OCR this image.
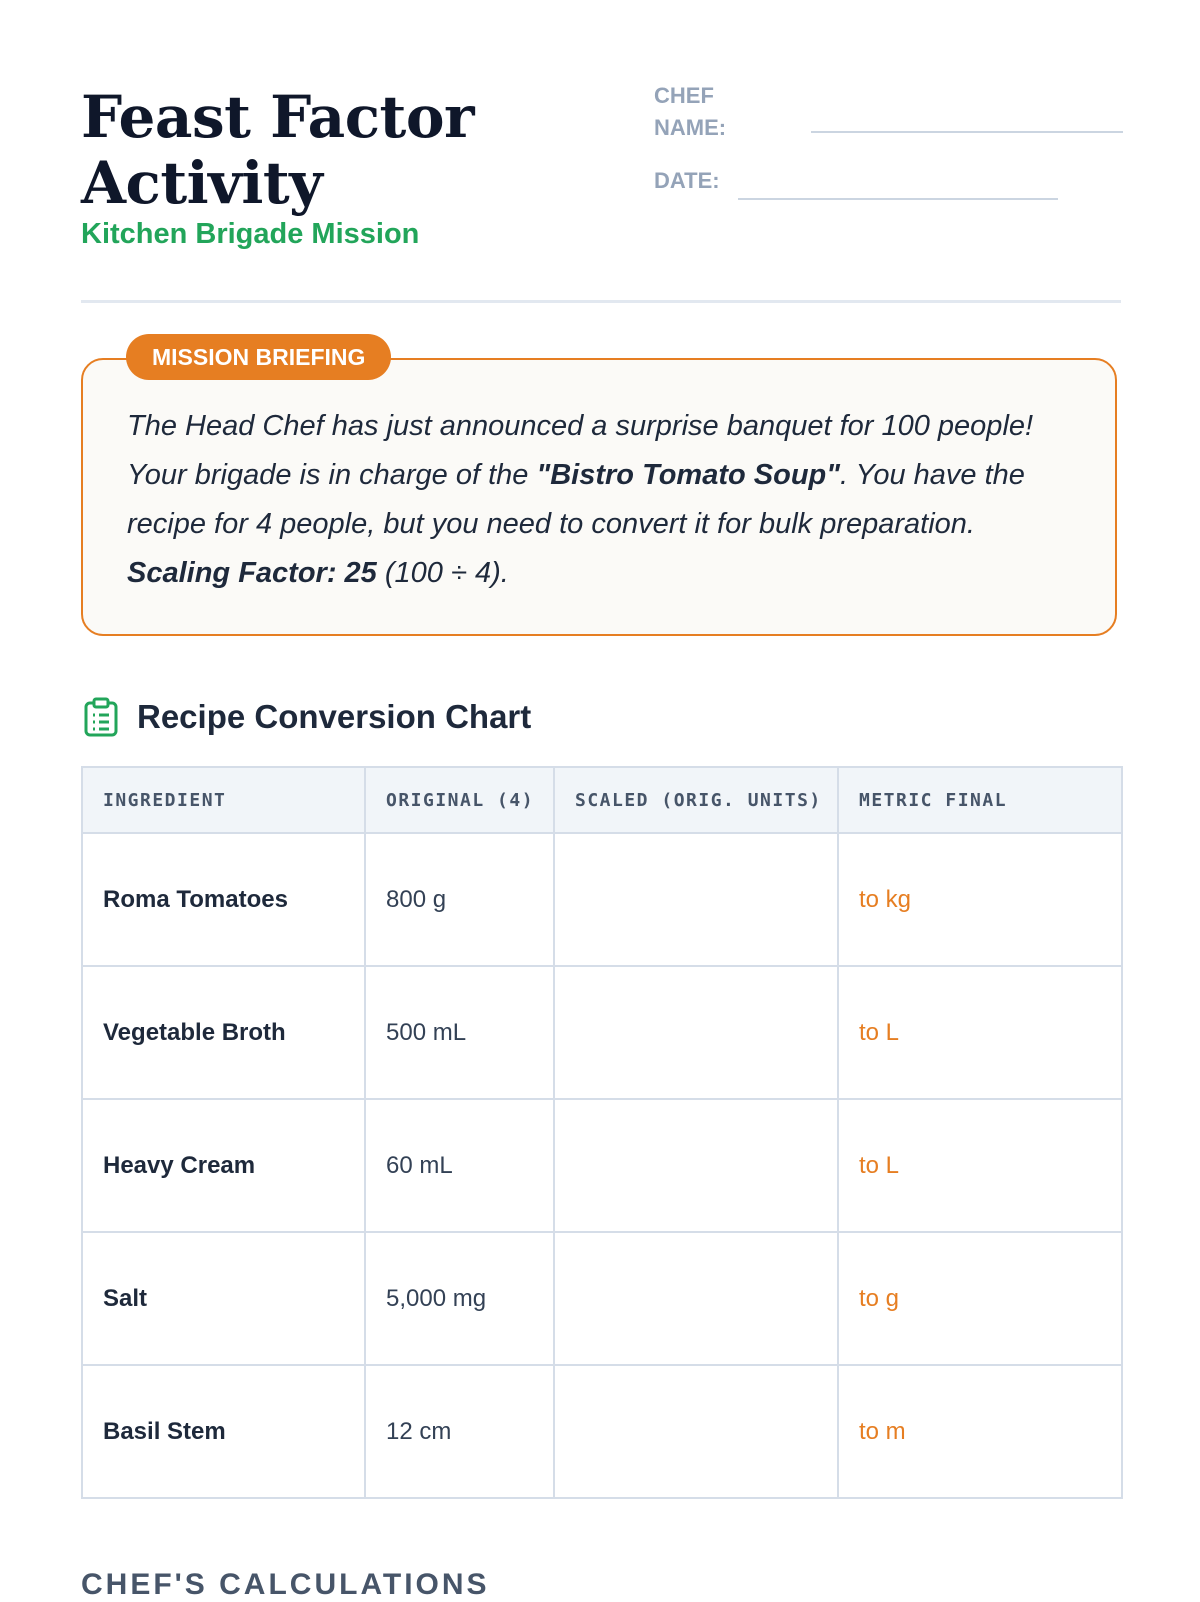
Feast Factor Activity
Kitchen Brigade Mission
CHEF NAME:
DATE:
MISSION BRIEFING

The Head Chef has just announced a surprise banquet for 100 people! Your brigade is in charge of the "Bistro Tomato Soup". You have the recipe for 4 people, but you need to convert it for bulk preparation. Scaling Factor: 25 (100 ÷ 4).

Recipe Conversion Chart
INGREDIENT	ORIGINAL (4)	SCALED (ORIG. UNITS)	METRIC FINAL
Roma Tomatoes	800 g		to kg
Vegetable Broth	500 mL		to L
Heavy Cream	60 mL		to L
Salt	5,000 mg		to g
Basil Stem	12 cm		to m
CHEF'S CALCULATIONS
